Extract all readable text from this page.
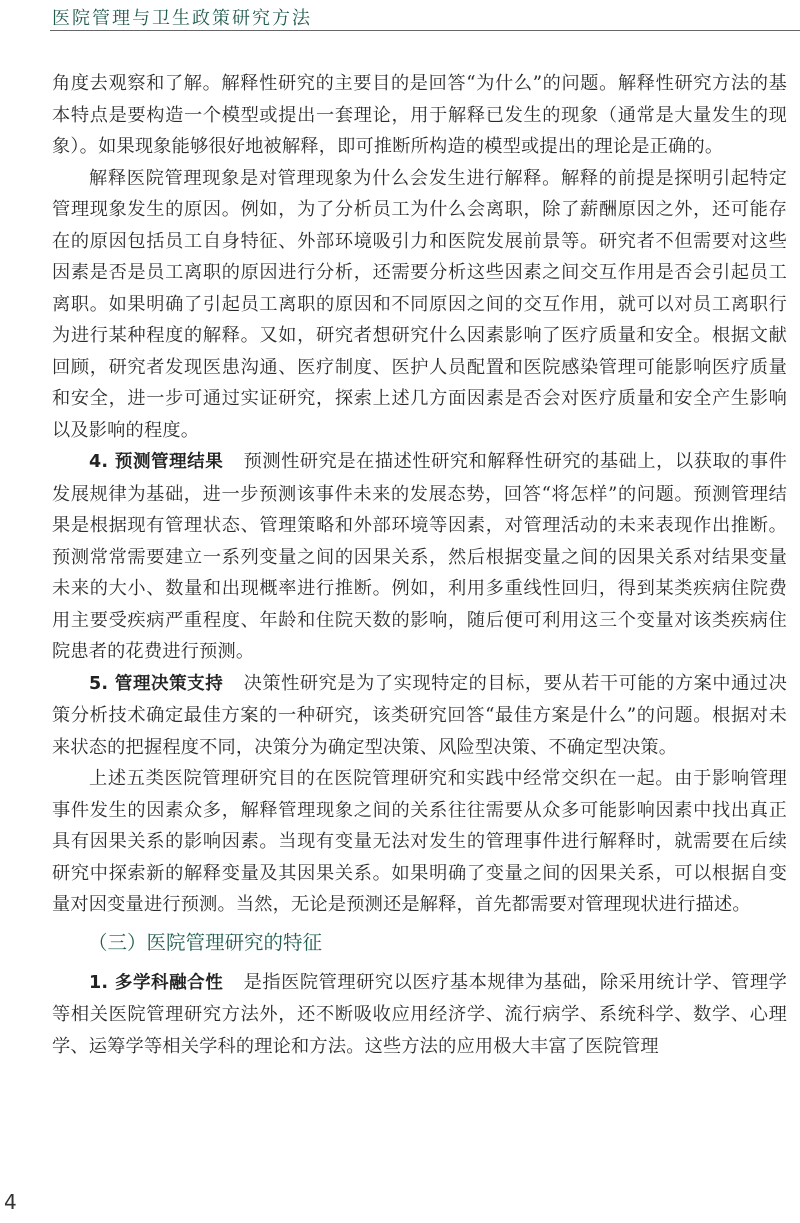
医院管理与卫生政策研究方法

角度去观察和了解。解释性研究的主要目的是回答“为什么”的问题。解释性研究方法的基本特点是要构造一个模型或提出一套理论，用于解释已发生的现象（通常是大量发生的现象）。如果现象能够很好地被解释，即可推断所构造的模型或提出的理论是正确的。

解释医院管理现象是对管理现象为什么会发生进行解释。解释的前提是探明引起特定管理现象发生的原因。例如，为了分析员工为什么会离职，除了薪酬原因之外，还可能存在的原因包括员工自身特征、外部环境吸引力和医院发展前景等。研究者不但需要对这些因素是否是员工离职的原因进行分析，还需要分析这些因素之间交互作用是否会引起员工离职。如果明确了引起员工离职的原因和不同原因之间的交互作用，就可以对员工离职行为进行某种程度的解释。又如，研究者想研究什么因素影响了医疗质量和安全。根据文献回顾，研究者发现医患沟通、医疗制度、医护人员配置和医院感染管理可能影响医疗质量和安全，进一步可通过实证研究，探索上述几方面因素是否会对医疗质量和安全产生影响以及影响的程度。

4. 预测管理结果 预测性研究是在描述性研究和解释性研究的基础上，以获取的事件发展规律为基础，进一步预测该事件未来的发展态势，回答“将怎样”的问题。预测管理结果是根据现有管理状态、管理策略和外部环境等因素，对管理活动的未来表现作出推断。预测常常需要建立一系列变量之间的因果关系，然后根据变量之间的因果关系对结果变量未来的大小、数量和出现概率进行推断。例如，利用多重线性回归，得到某类疾病住院费用主要受疾病严重程度、年龄和住院天数的影响，随后便可利用这三个变量对该类疾病住院患者的花费进行预测。

5. 管理决策支持 决策性研究是为了实现特定的目标，要从若干可能的方案中通过决策分析技术确定最佳方案的一种研究，该类研究回答“最佳方案是什么”的问题。根据对未来状态的把握程度不同，决策分为确定型决策、风险型决策、不确定型决策。

上述五类医院管理研究目的在医院管理研究和实践中经常交织在一起。由于影响管理事件发生的因素众多，解释管理现象之间的关系往往需要从众多可能影响因素中找出真正具有因果关系的影响因素。当现有变量无法对发生的管理事件进行解释时，就需要在后续研究中探索新的解释变量及其因果关系。如果明确了变量之间的因果关系，可以根据自变量对因变量进行预测。当然，无论是预测还是解释，首先都需要对管理现状进行描述。

（三）医院管理研究的特征

1. 多学科融合性 是指医院管理研究以医疗基本规律为基础，除采用统计学、管理学等相关医院管理研究方法外，还不断吸收应用经济学、流行病学、系统科学、数学、心理学、运筹学等相关学科的理论和方法。这些方法的应用极大丰富了医院管理

4
